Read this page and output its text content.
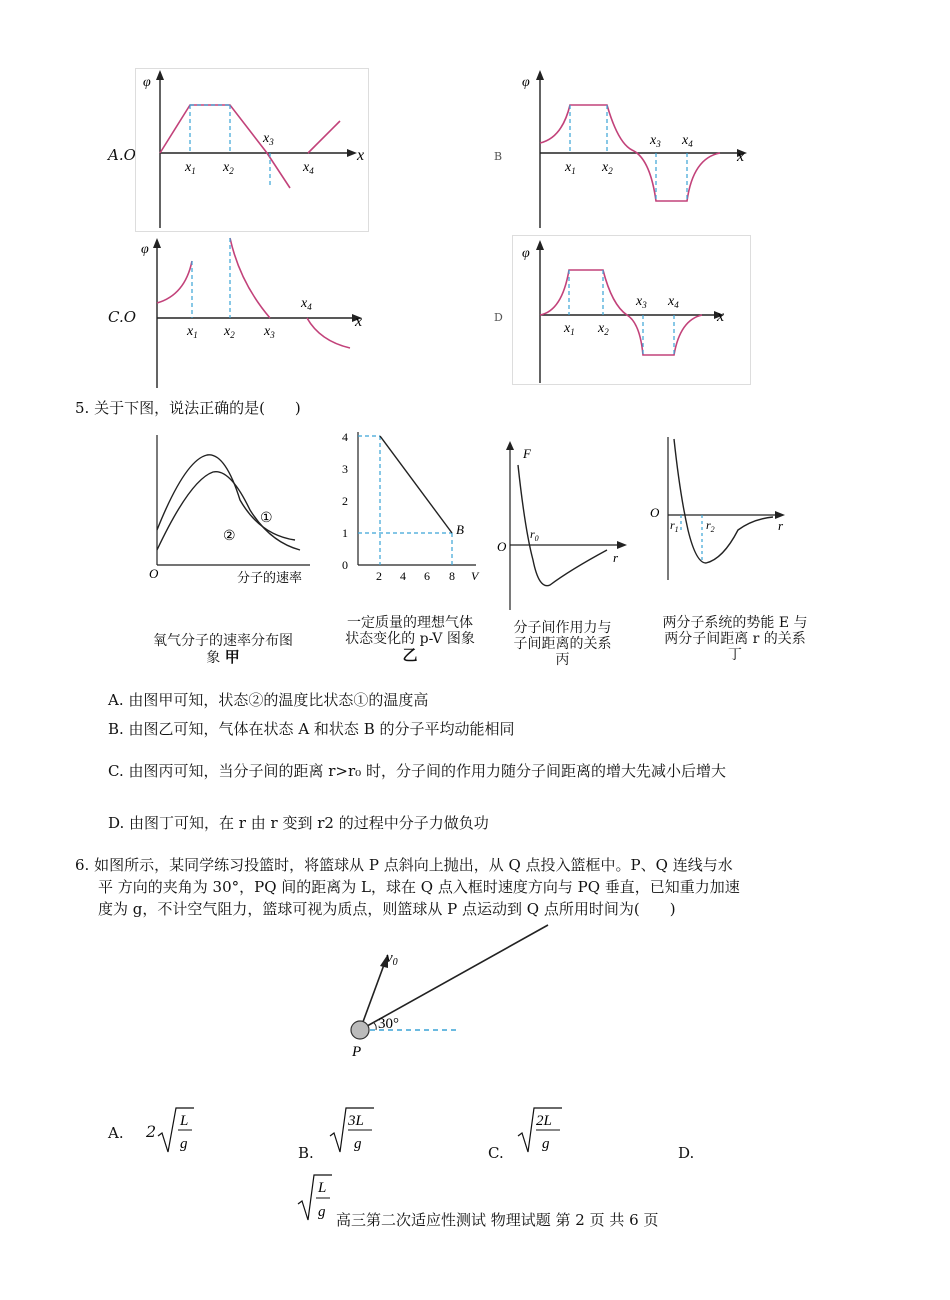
A.O
φ
x
$x_1$ $x_2$
$x_3$
$x_4$
B
φ
x
$x_1$ $x_2$
$x_3$ $x_4$
C.O
φ
x
$x_1$ $x_2$ $x_3$
$x_4$
D
φ
x
$x_1$ $x_2$
$x_3$ $x_4$
5. 关于下图，说法正确的是(　　)
①
②
O	分子的速率
氧气分子的速率分布图
象 甲
4
3
2
1
0
2 4 6 8 V
B
一定质量的理想气体
状态变化的 p-V 图象
乙
F
O
$r_0$
r
分子间作用力与
子间距离的关系
丙
O
$r_1$ $r_2$	r
两分子系统的势能 E 与
两分子间距离 r 的关系
丁
A. 由图甲可知，状态②的温度比状态①的温度高
B. 由图乙可知，气体在状态 A 和状态 B 的分子平均动能相同
C. 由图丙可知，当分子间的距离 r>r₀ 时，分子间的作用力随分子间距离的增大先减小后增大
D. 由图丁可知，在 r 由 r 变到 r2 的过程中分子力做负功
6. 如图所示，某同学练习投篮时，将篮球从 P 点斜向上抛出，从 Q 点投入篮框中。P、Q 连线与水
平 方向的夹角为 30°，PQ 间的距离为 L，球在 Q 点入框时速度方向与 PQ 垂直，已知重力加速
度为 g，不计空气阻力，篮球可视为质点，则篮球从 P 点运动到 Q 点所用时间为(　　)
$v_0$
30°
P
A. 2
L
g	B.
3L
g	C.
2L
g	D.
L
g 高三第二次适应性测试 物理试题 第 2 页 共 6 页
